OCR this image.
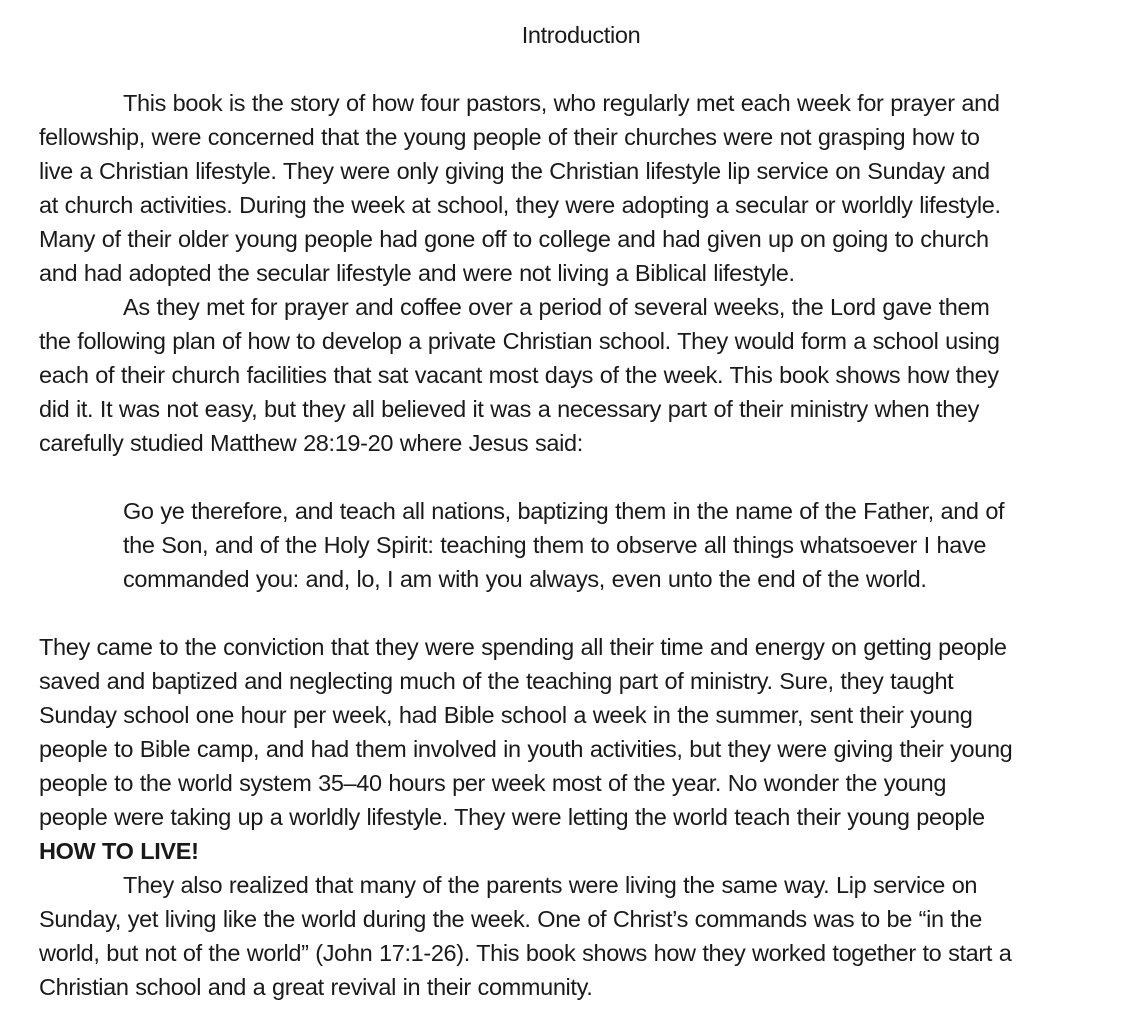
Introduction
This book is the story of how four pastors, who regularly met each week for prayer and
fellowship, were concerned that the young people of their churches were not grasping how to
live a Christian lifestyle. They were only giving the Christian lifestyle lip service on Sunday and
at church activities. During the week at school, they were adopting a secular or worldly lifestyle.
Many of their older young people had gone off to college and had given up on going to church
and had adopted the secular lifestyle and were not living a Biblical lifestyle.
As they met for prayer and coffee over a period of several weeks, the Lord gave them
the following plan of how to develop a private Christian school. They would form a school using
each of their church facilities that sat vacant most days of the week. This book shows how they
did it. It was not easy, but they all believed it was a necessary part of their ministry when they
carefully studied Matthew 28:19-20 where Jesus said:
Go ye therefore, and teach all nations, baptizing them in the name of the Father, and of
the Son, and of the Holy Spirit: teaching them to observe all things whatsoever I have
commanded you: and, lo, I am with you always, even unto the end of the world.
They came to the conviction that they were spending all their time and energy on getting people
saved and baptized and neglecting much of the teaching part of ministry. Sure, they taught
Sunday school one hour per week, had Bible school a week in the summer, sent their young
people to Bible camp, and had them involved in youth activities, but they were giving their young
people to the world system 35–40 hours per week most of the year. No wonder the young
people were taking up a worldly lifestyle. They were letting the world teach their young people
HOW TO LIVE!
They also realized that many of the parents were living the same way. Lip service on
Sunday, yet living like the world during the week. One of Christ’s commands was to be “in the
world, but not of the world” (John 17:1-26). This book shows how they worked together to start a
Christian school and a great revival in their community.
